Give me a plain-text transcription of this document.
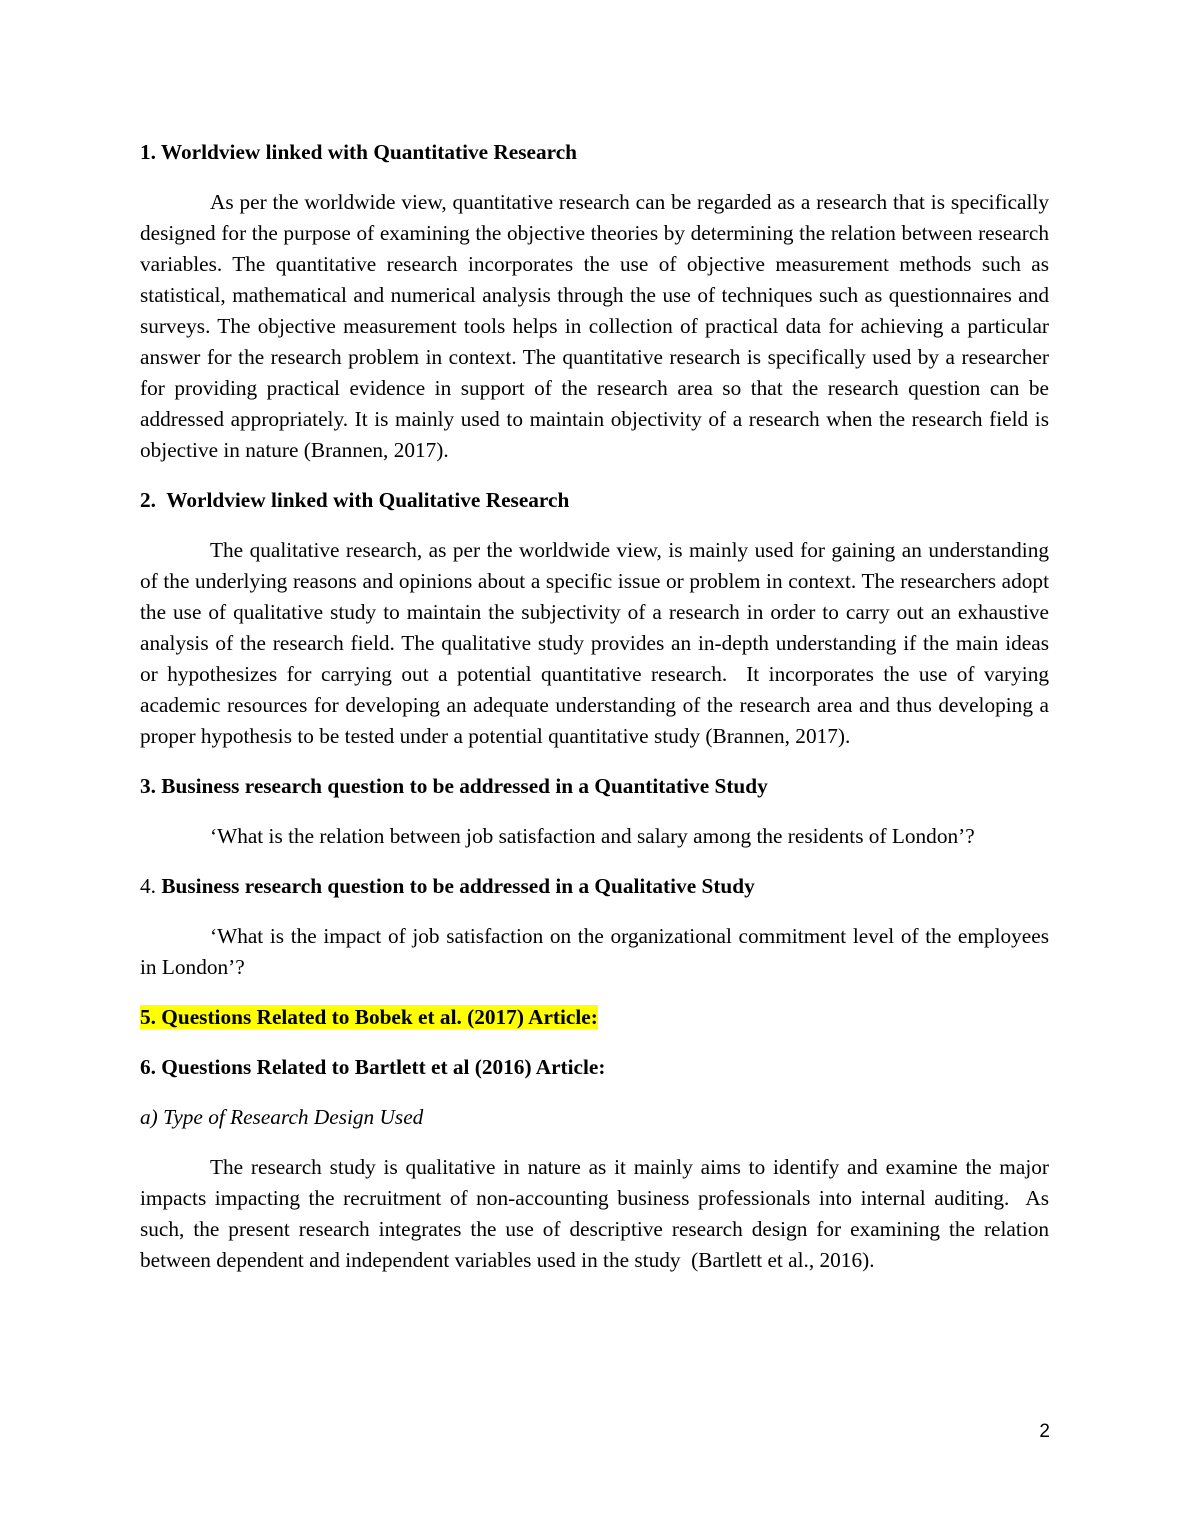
1. Worldview linked with Quantitative Research

As per the worldwide view, quantitative research can be regarded as a research that is specifically designed for the purpose of examining the objective theories by determining the relation between research variables. The quantitative research incorporates the use of objective measurement methods such as statistical, mathematical and numerical analysis through the use of techniques such as questionnaires and surveys. The objective measurement tools helps in collection of practical data for achieving a particular answer for the research problem in context. The quantitative research is specifically used by a researcher for providing practical evidence in support of the research area so that the research question can be addressed appropriately. It is mainly used to maintain objectivity of a research when the research field is objective in nature (Brannen, 2017).

2.  Worldview linked with Qualitative Research

The qualitative research, as per the worldwide view, is mainly used for gaining an understanding of the underlying reasons and opinions about a specific issue or problem in context. The researchers adopt the use of qualitative study to maintain the subjectivity of a research in order to carry out an exhaustive analysis of the research field. The qualitative study provides an in-depth understanding if the main ideas or hypothesizes for carrying out a potential quantitative research.  It incorporates the use of varying academic resources for developing an adequate understanding of the research area and thus developing a proper hypothesis to be tested under a potential quantitative study (Brannen, 2017).

3. Business research question to be addressed in a Quantitative Study

‘What is the relation between job satisfaction and salary among the residents of London’?

4. Business research question to be addressed in a Qualitative Study

‘What is the impact of job satisfaction on the organizational commitment level of the employees in London’?

5. Questions Related to Bobek et al. (2017) Article:
6. Questions Related to Bartlett et al (2016) Article:
a) Type of Research Design Used

The research study is qualitative in nature as it mainly aims to identify and examine the major impacts impacting the recruitment of non-accounting business professionals into internal auditing.  As such, the present research integrates the use of descriptive research design for examining the relation between dependent and independent variables used in the study  (Bartlett et al., 2016).

2
